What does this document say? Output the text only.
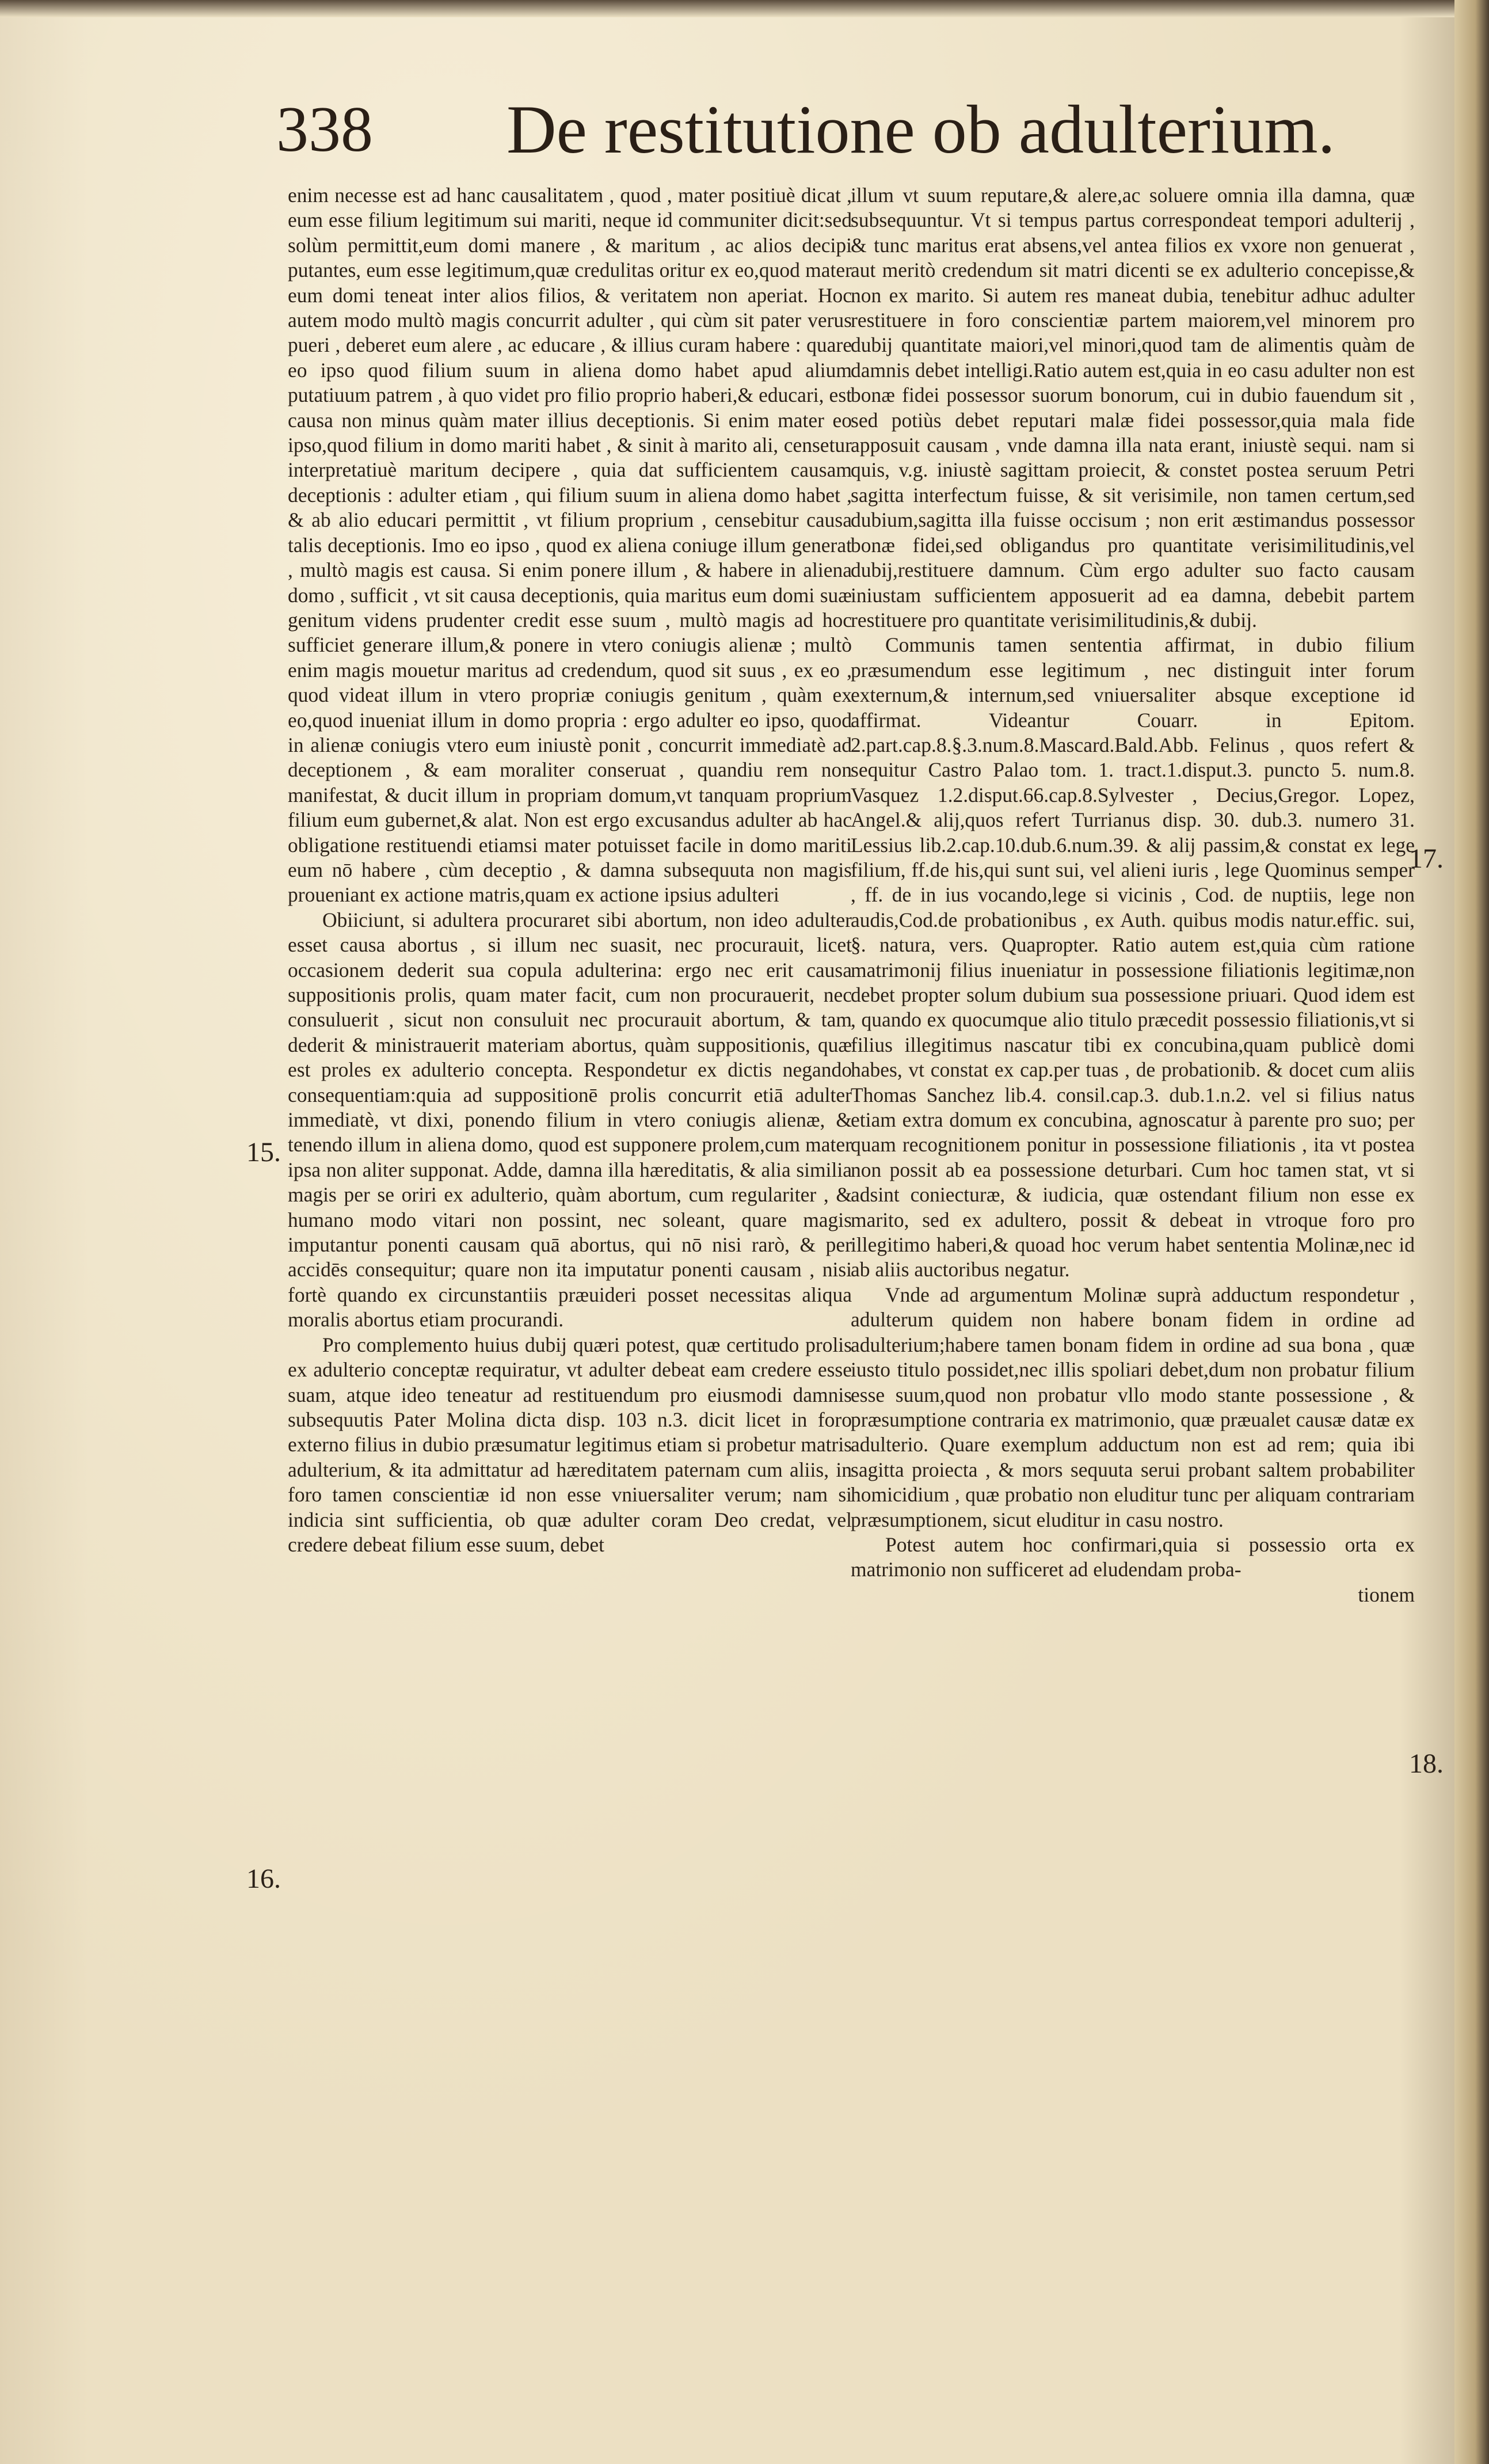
338 De restitutione ob adulterium.
15.
16.
17.
18.

enim necesse est ad hanc causalitatem , quod , mater positiuè dicat , eum esse filium legitimum sui mariti, neque id communiter dicit:sed solùm permittit,eum domi manere , & maritum , ac alios decipi putantes, eum esse legitimum,quæ credulitas oritur ex eo,quod mater eum domi teneat inter alios filios, & veritatem non aperiat. Hoc autem modo multò magis concurrit adulter , qui cùm sit pater verus pueri , deberet eum alere , ac educare , & illius curam habere : quare eo ipso quod filium suum in aliena domo habet apud alium putatiuum patrem , à quo videt pro filio proprio haberi,& educari, est causa non minus quàm mater illius deceptionis. Si enim mater eo ipso,quod filium in domo mariti habet , & sinit à marito ali, censetur interpretatiuè maritum decipere , quia dat sufficientem causam deceptionis : adulter etiam , qui filium suum in aliena domo habet , & ab alio educari permittit , vt filium proprium , censebitur causa talis deceptionis. Imo eo ipso , quod ex aliena coniuge illum generat , multò magis est causa. Si enim ponere illum , & habere in aliena domo , sufficit , vt sit causa deceptionis, quia maritus eum domi suæ genitum videns prudenter credit esse suum , multò magis ad hoc sufficiet generare illum,& ponere in vtero coniugis alienæ ; multò enim magis mouetur maritus ad credendum, quod sit suus , ex eo , quod videat illum in vtero propriæ coniugis genitum , quàm ex eo,quod inueniat illum in domo propria : ergo adulter eo ipso, quod in alienæ coniugis vtero eum iniustè ponit , concurrit immediatè ad deceptionem , & eam moraliter conseruat , quandiu rem non manifestat, & ducit illum in propriam domum,vt tanquam proprium filium eum gubernet,& alat. Non est ergo excusandus adulter ab hac obligatione restituendi etiamsi mater potuisset facile in domo mariti eum nō habere , cùm deceptio , & damna subsequuta non magis proueniant ex actione matris,quam ex actione ipsius adulteri

Obiiciunt, si adultera procuraret sibi abortum, non ideo adulter esset causa abortus , si illum nec suasit, nec procurauit, licet occasionem dederit sua copula adulterina: ergo nec erit causa suppositionis prolis, quam mater facit, cum non procurauerit, nec consuluerit , sicut non consuluit nec procurauit abortum, & tam dederit & ministrauerit materiam abortus, quàm suppositionis, quæ est proles ex adulterio concepta. Respondetur ex dictis negando consequentiam:quia ad suppositionē prolis concurrit etiā adulter immediatè, vt dixi, ponendo filium in vtero coniugis alienæ, & tenendo illum in aliena domo, quod est supponere prolem,cum mater ipsa non aliter supponat. Adde, damna illa hæreditatis, & alia similia magis per se oriri ex adulterio, quàm abortum, cum regulariter , & humano modo vitari non possint, nec soleant, quare magis imputantur ponenti causam quā abortus, qui nō nisi rarò, & per accidēs consequitur; quare non ita imputatur ponenti causam , nisi fortè quando ex circunstantiis præuideri posset necessitas aliqua moralis abortus etiam procurandi.

Pro complemento huius dubij quæri potest, quæ certitudo prolis ex adulterio conceptæ requiratur, vt adulter debeat eam credere esse suam, atque ideo teneatur ad restituendum pro eiusmodi damnis subsequutis Pater Molina dicta disp. 103 n.3. dicit licet in foro externo filius in dubio præsumatur legitimus etiam si probetur matris adulterium, & ita admittatur ad hæreditatem paternam cum aliis, in foro tamen conscientiæ id non esse vniuersaliter verum; nam si indicia sint sufficientia, ob quæ adulter coram Deo credat, vel credere debeat filium esse suum, debet

illum vt suum reputare,& alere,ac soluere omnia illa damna, quæ subsequuntur. Vt si tempus partus correspondeat tempori adulterij , & tunc maritus erat absens,vel antea filios ex vxore non genuerat , aut meritò credendum sit matri dicenti se ex adulterio concepisse,& non ex marito. Si autem res maneat dubia, tenebitur adhuc adulter restituere in foro conscientiæ partem maiorem,vel minorem pro dubij quantitate maiori,vel minori,quod tam de alimentis quàm de damnis debet intelligi.Ratio autem est,quia in eo casu adulter non est bonæ fidei possessor suorum bonorum, cui in dubio fauendum sit , sed potiùs debet reputari malæ fidei possessor,quia mala fide apposuit causam , vnde damna illa nata erant, iniustè sequi. nam si quis, v.g. iniustè sagittam proiecit, & constet postea seruum Petri sagitta interfectum fuisse, & sit verisimile, non tamen certum,sed dubium,sagitta illa fuisse occisum ; non erit æstimandus possessor bonæ fidei,sed obligandus pro quantitate verisimilitudinis,vel dubij,restituere damnum. Cùm ergo adulter suo facto causam iniustam sufficientem apposuerit ad ea damna, debebit partem restituere pro quantitate verisimilitudinis,& dubij.

Communis tamen sententia affirmat, in dubio filium præsumendum esse legitimum , nec distinguit inter forum externum,& internum,sed vniuersaliter absque exceptione id affirmat. Videantur Couarr. in Epitom. 2.part.cap.8.§.3.num.8.Mascard.Bald.Abb. Felinus , quos refert & sequitur Castro Palao tom. 1. tract.1.disput.3. puncto 5. num.8. Vasquez 1.2.disput.66.cap.8.Sylvester , Decius,Gregor. Lopez, Angel.& alij,quos refert Turrianus disp. 30. dub.3. numero 31. Lessius lib.2.cap.10.dub.6.num.39. & alij passim,& constat ex lege filium, ff.de his,qui sunt sui, vel alieni iuris , lege Quominus semper , ff. de in ius vocando,lege si vicinis , Cod. de nuptiis, lege non audis,Cod.de probationibus , ex Auth. quibus modis natur.effic. sui, §. natura, vers. Quapropter. Ratio autem est,quia cùm ratione matrimonij filius inueniatur in possessione filiationis legitimæ,non debet propter solum dubium sua possessione priuari. Quod idem est , quando ex quocumque alio titulo præcedit possessio filiationis,vt si filius illegitimus nascatur tibi ex concubina,quam publicè domi habes, vt constat ex cap.per tuas , de probationib. & docet cum aliis Thomas Sanchez lib.4. consil.cap.3. dub.1.n.2. vel si filius natus etiam extra domum ex concubina, agnoscatur à parente pro suo; per quam recognitionem ponitur in possessione filiationis , ita vt postea non possit ab ea possessione deturbari. Cum hoc tamen stat, vt si adsint coniecturæ, & iudicia, quæ ostendant filium non esse ex marito, sed ex adultero, possit & debeat in vtroque foro pro illegitimo haberi,& quoad hoc verum habet sententia Molinæ,nec id ab aliis auctoribus negatur.

Vnde ad argumentum Molinæ suprà adductum respondetur , adulterum quidem non habere bonam fidem in ordine ad adulterium;habere tamen bonam fidem in ordine ad sua bona , quæ iusto titulo possidet,nec illis spoliari debet,dum non probatur filium esse suum,quod non probatur vllo modo stante possessione , & præsumptione contraria ex matrimonio, quæ præualet causæ datæ ex adulterio. Quare exemplum adductum non est ad rem; quia ibi sagitta proiecta , & mors sequuta serui probant saltem probabiliter homicidium , quæ probatio non eluditur tunc per aliquam contrariam præsumptionem, sicut eluditur in casu nostro.

Potest autem hoc confirmari,quia si possessio orta ex matrimonio non sufficeret ad eludendam proba-

tionem
